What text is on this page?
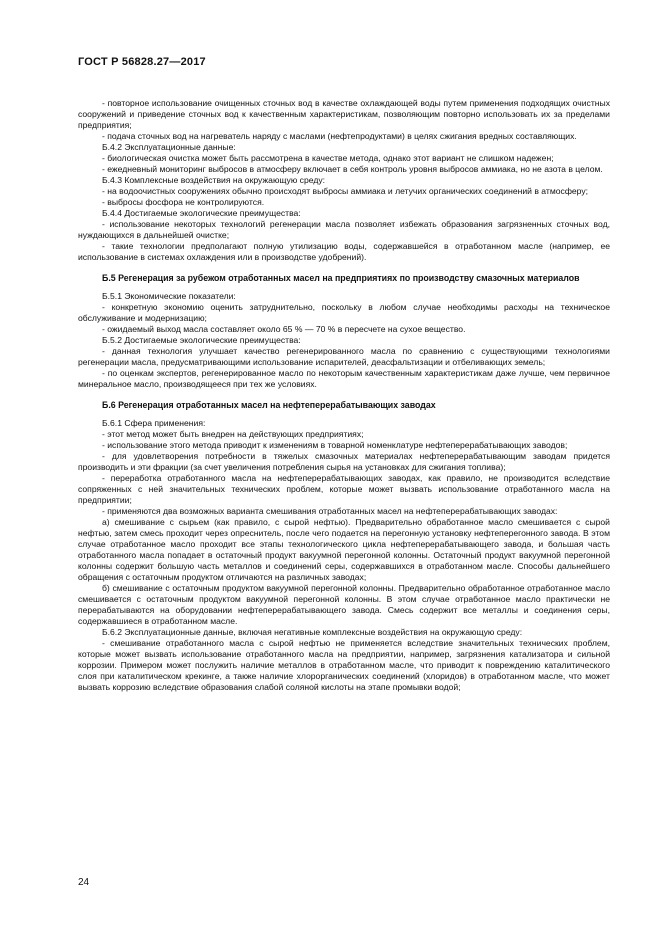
ГОСТ Р 56828.27—2017

- повторное использование очищенных сточных вод в качестве охлаждающей воды путем применения подходящих очистных сооружений и приведение сточных вод к качественным характеристикам, позволяющим повторно использовать их за пределами предприятия;

- подача сточных вод на нагреватель наряду с маслами (нефтепродуктами) в целях сжигания вредных составляющих.

Б.4.2 Эксплуатационные данные:

- биологическая очистка может быть рассмотрена в качестве метода, однако этот вариант не слишком надежен;

- ежедневный мониторинг выбросов в атмосферу включает в себя контроль уровня выбросов аммиака, но не азота в целом.

Б.4.3 Комплексные воздействия на окружающую среду:

- на водоочистных сооружениях обычно происходят выбросы аммиака и летучих органических соединений в атмосферу;

- выбросы фосфора не контролируются.

Б.4.4 Достигаемые экологические преимущества:

- использование некоторых технологий регенерации масла позволяет избежать образования загрязненных сточных вод, нуждающихся в дальнейшей очистке;

- такие технологии предполагают полную утилизацию воды, содержавшейся в отработанном масле (например, ее использование в системах охлаждения или в производстве удобрений).

Б.5 Регенерация за рубежом отработанных масел на предприятиях по производству смазочных материалов

Б.5.1 Экономические показатели:

- конкретную экономию оценить затруднительно, поскольку в любом случае необходимы расходы на техническое обслуживание и модернизацию;

- ожидаемый выход масла составляет около 65 % — 70 % в пересчете на сухое вещество.

Б.5.2 Достигаемые экологические преимущества:

- данная технология улучшает качество регенерированного масла по сравнению с существующими технологиями регенерации масла, предусматривающими использование испарителей, деасфальтизации и отбеливающих земель;

- по оценкам экспертов, регенерированное масло по некоторым качественным характеристикам даже лучше, чем первичное минеральное масло, производящееся при тех же условиях.

Б.6 Регенерация отработанных масел на нефтеперерабатывающих заводах

Б.6.1 Сфера применения:

- этот метод может быть внедрен на действующих предприятиях;

- использование этого метода приводит к изменениям в товарной номенклатуре нефтеперерабатывающих заводов;

- для удовлетворения потребности в тяжелых смазочных материалах нефтеперерабатывающим заводам придется производить и эти фракции (за счет увеличения потребления сырья на установках для сжигания топлива);

- переработка отработанного масла на нефтеперерабатывающих заводах, как правило, не производится вследствие сопряженных с ней значительных технических проблем, которые может вызвать использование отработанного масла на предприятии;

- применяются два возможных варианта смешивания отработанных масел на нефтеперерабатывающих заводах:

а) смешивание с сырьем (как правило, с сырой нефтью). Предварительно обработанное масло смешивается с сырой нефтью, затем смесь проходит через опреснитель, после чего подается на перегонную установку нефтеперегонного завода. В этом случае отработанное масло проходит все этапы технологического цикла нефтеперерабатывающего завода, и большая часть отработанного масла попадает в остаточный продукт вакуумной перегонной колонны. Остаточный продукт вакуумной перегонной колонны содержит большую часть металлов и соединений серы, содержавшихся в отработанном масле. Способы дальнейшего обращения с остаточным продуктом отличаются на различных заводах;

б) смешивание с остаточным продуктом вакуумной перегонной колонны. Предварительно обработанное отработанное масло смешивается с остаточным продуктом вакуумной перегонной колонны. В этом случае отработанное масло практически не перерабатываются на оборудовании нефтеперерабатывающего завода. Смесь содержит все металлы и соединения серы, содержавшиеся в отработанном масле.

Б.6.2 Эксплуатационные данные, включая негативные комплексные воздействия на окружающую среду:

- смешивание отработанного масла с сырой нефтью не применяется вследствие значительных технических проблем, которые может вызвать использование отработанного масла на предприятии, например, загрязнения катализатора и сильной коррозии. Примером может послужить наличие металлов в отработанном масле, что приводит к повреждению каталитического слоя при каталитическом крекинге, а также наличие хлорорганических соединений (хлоридов) в отработанном масле, что может вызвать коррозию вследствие образования слабой соляной кислоты на этапе промывки водой;

24
